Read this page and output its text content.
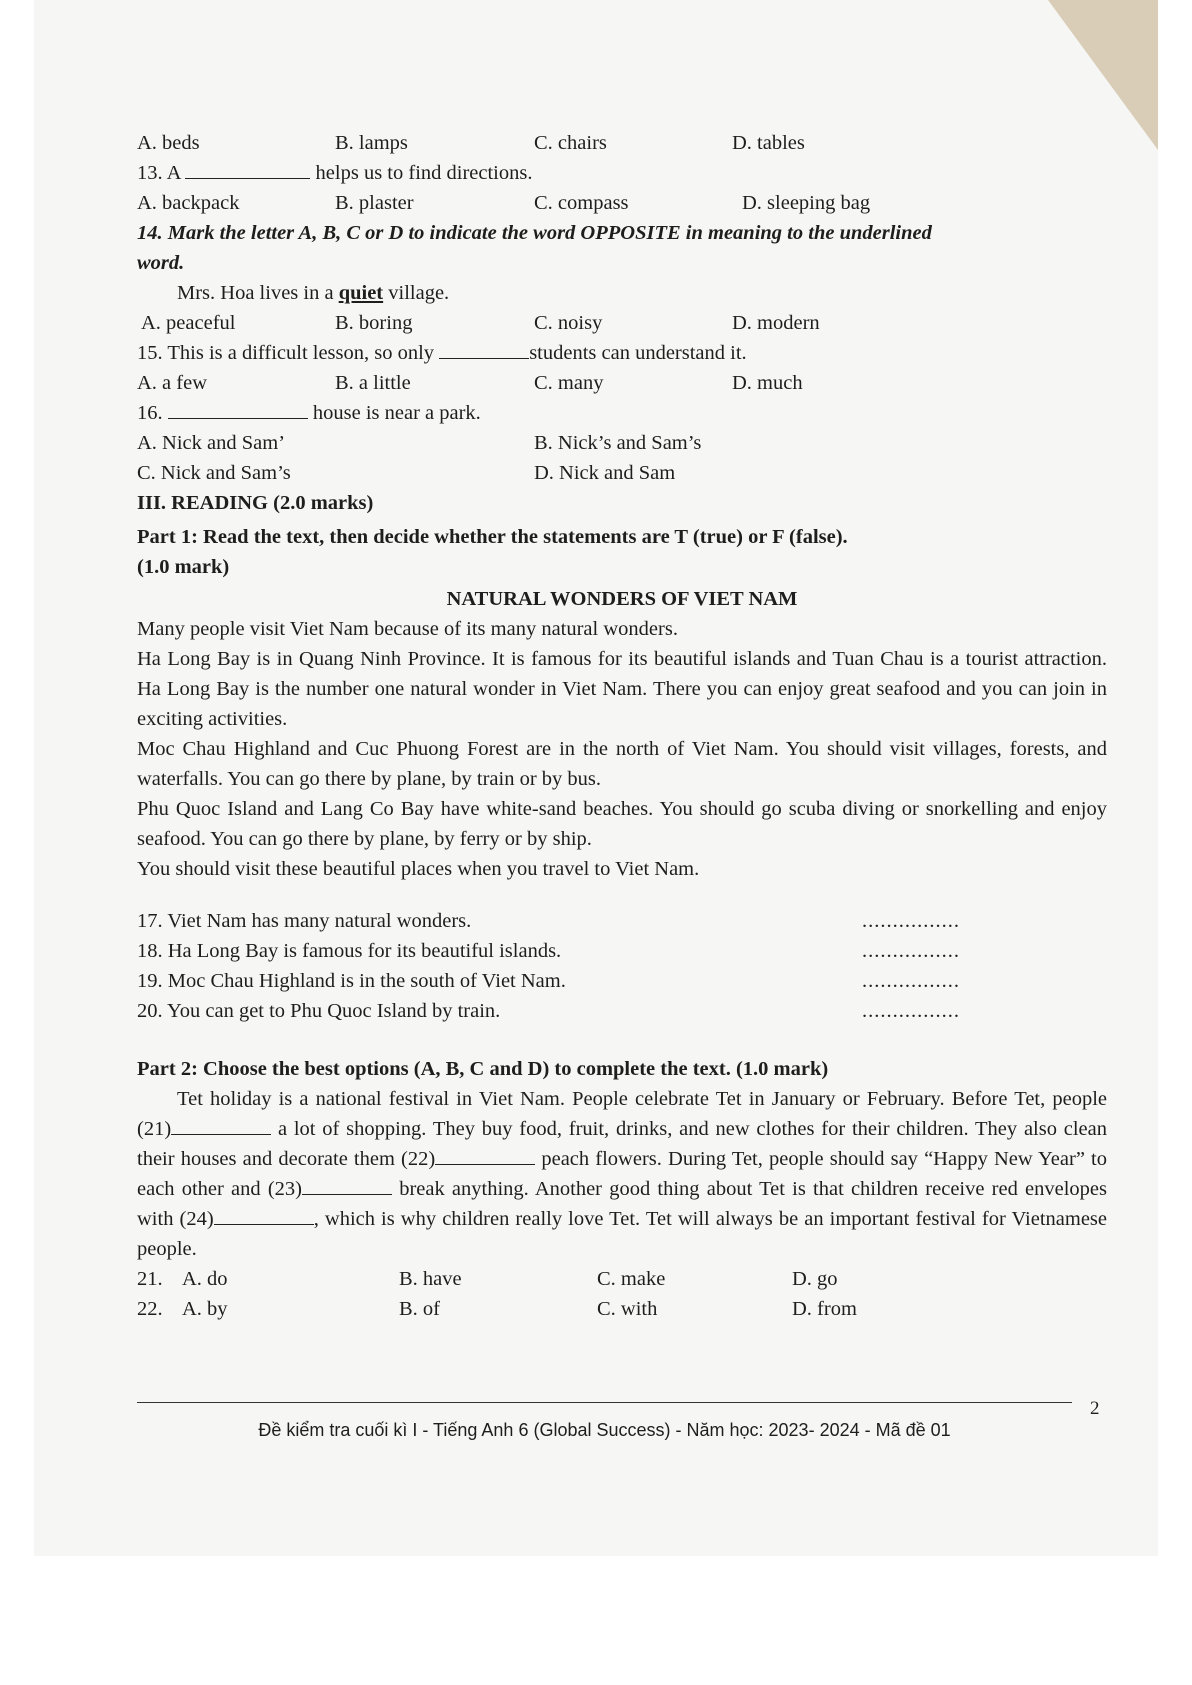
A. beds	B. lamps	C. chairs	D. tables
13. A	helps us to find directions.
A. backpack	B. plaster	C. compass	D. sleeping bag
14. Mark the letter A, B, C or D to indicate the word OPPOSITE in meaning to the underlined
word.
Mrs. Hoa lives in a quiet village.
A. peaceful	B. boring	C. noisy	D. modern
15. This is a difficult lesson, so only	students can understand it.
A. a few	B. a little	C. many	D. much
16.	house is near a park.
A. Nick and Sam’	B. Nick’s and Sam’s
C. Nick and Sam’s	D. Nick and Sam
III. READING (2.0 marks)
Part 1: Read the text, then decide whether the statements are T (true) or F (false).
(1.0 mark)
NATURAL WONDERS OF VIET NAM
Many people visit Viet Nam because of its many natural wonders.
Ha Long Bay is in Quang Ninh Province. It is famous for its beautiful islands and Tuan Chau is a tourist attraction. Ha Long Bay is the number one natural wonder in Viet Nam. There you can enjoy great seafood and you can join in exciting activities.
Moc Chau Highland and Cuc Phuong Forest are in the north of Viet Nam. You should visit villages, forests, and waterfalls. You can go there by plane, by train or by bus.
Phu Quoc Island and Lang Co Bay have white-sand beaches. You should go scuba diving or snorkelling and enjoy seafood. You can go there by plane, by ferry or by ship.
You should visit these beautiful places when you travel to Viet Nam.
17. Viet Nam has many natural wonders.	................
18. Ha Long Bay is famous for its beautiful islands.	................
19. Moc Chau Highland is in the south of Viet Nam.	................
20. You can get to Phu Quoc Island by train.	................
Part 2: Choose the best options (A, B, C and D) to complete the text. (1.0 mark)
Tet holiday is a national festival in Viet Nam. People celebrate Tet in January or February. Before Tet, people (21)	a lot of shopping. They buy food, fruit, drinks, and new clothes for their children. They also clean their houses and decorate them (22)	peach flowers. During Tet, people should say “Happy New Year” to each other and (23)	break anything. Another good thing about Tet is that children receive red envelopes with (24)	, which is why children really love Tet. Tet will always be an important festival for Vietnamese people.
21. A. do	B. have	C. make	D. go
22. A. by	B. of	C. with	D. from
2
Đề kiểm tra cuối kì I - Tiếng Anh 6 (Global Success) - Năm học: 2023- 2024 - Mã đề 01
